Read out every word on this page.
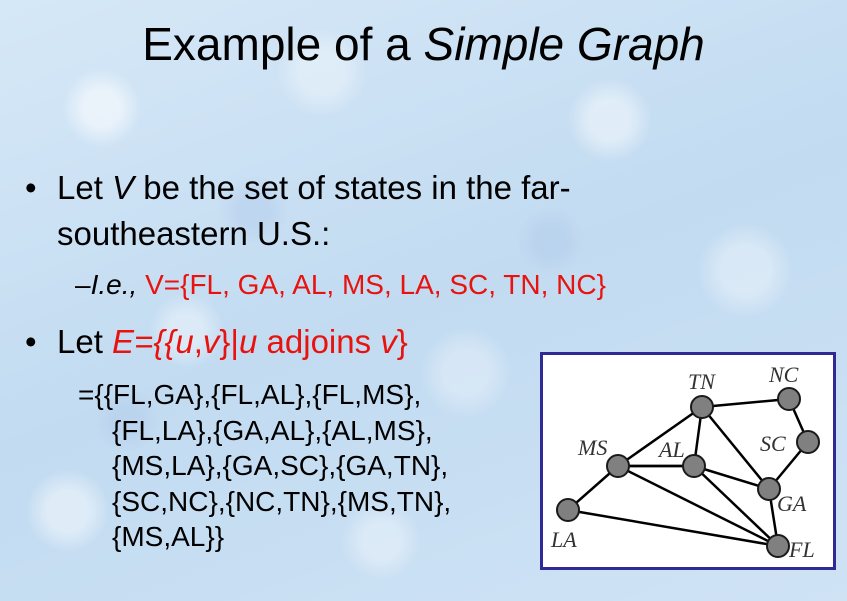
Example of a Simple Graph
• Let V be the set of states in the far-
southeastern U.S.:
–I.e., V={FL, GA, AL, MS, LA, SC, TN, NC}
• Let E={{u,v}|u adjoins v}
={{FL,GA},{FL,AL},{FL,MS},
{FL,LA},{GA,AL},{AL,MS},
{MS,LA},{GA,SC},{GA,TN},
{SC,NC},{NC,TN},{MS,TN},
{MS,AL}}
TN NC
SC
MS AL
GA
LA	FL
